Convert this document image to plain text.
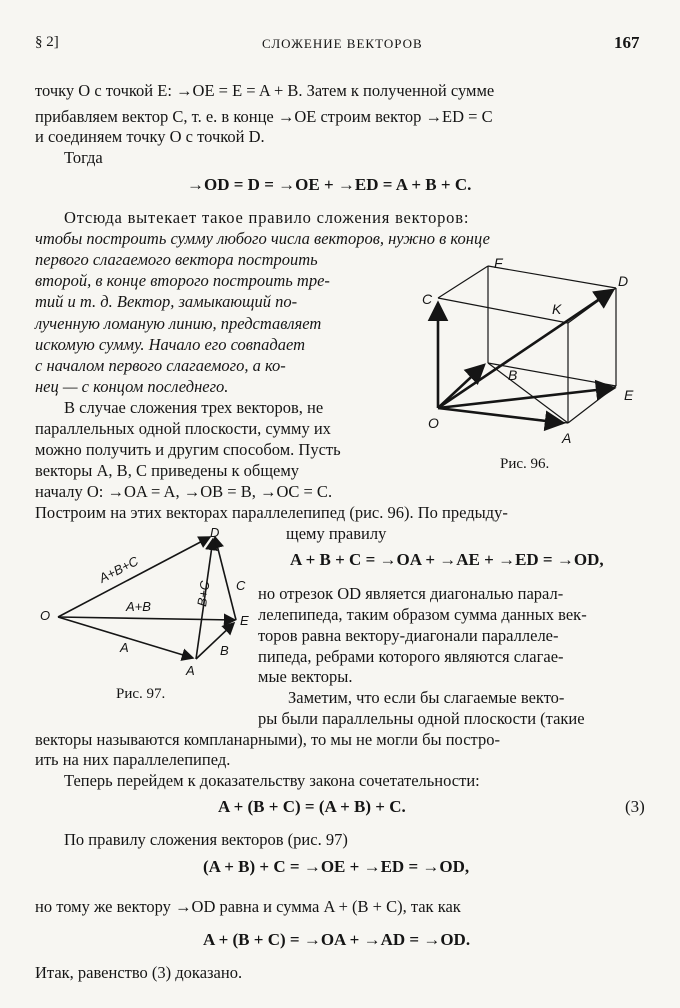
§ 2]	СЛОЖЕНИЕ ВЕКТОРОВ	167
точку O с точкой E: →OE = E = A + B. Затем к полученной сумме
прибавляем вектор C, т. е. в конце →OE строим вектор →ED = C
и соединяем точку O с точкой D.
Тогда
→OD = D = →OE + →ED = A + B + C.
Отсюда вытекает такое правило сложения векторов:
чтобы построить сумму любого числа векторов, нужно в конце
первого слагаемого вектора построить
второй, в конце второго построить тре-
тий и т. д. Вектор, замыкающий по-
лученную ломаную линию, представляет
искомую сумму. Начало его совпадает
с началом первого слагаемого, а ко-
нец — с концом последнего.
В случае сложения трех векторов, не
параллельных одной плоскости, сумму их
можно получить и другим способом. Пусть
векторы A, B, C приведены к общему
началу O: →OA = A, →OB = B, →OC = C.
Построим на этих векторах параллелепипед (рис. 96). По предыду-
щему правилу
A + B + C = →OA + →AE + →ED = →OD,
но отрезок OD является диагональю парал-
лелепипеда, таким образом сумма данных век-
торов равна вектору-диагонали параллеле-
пипеда, ребрами которого являются слагае-
мые векторы.
Заметим, что если бы слагаемые векто-
ры были параллельны одной плоскости (такие
векторы называются компланарными), то мы не могли бы постро-
ить на них параллелепипед.
Теперь перейдем к доказательству закона сочетательности:
A + (B + C) = (A + B) + C.	(3)
По правилу сложения векторов (рис. 97)
(A + B) + C = →OE + →ED = →OD,
но тому же вектору →OD равна и сумма A + (B + C), так как
A + (B + C) = →OA + →AD = →OD.
Итак, равенство (3) доказано.
F
D
C
K
B
O
E
A
Рис. 96.
D
A+B+C
B+C C
A+B
O	E
A	B
A
Рис. 97.
